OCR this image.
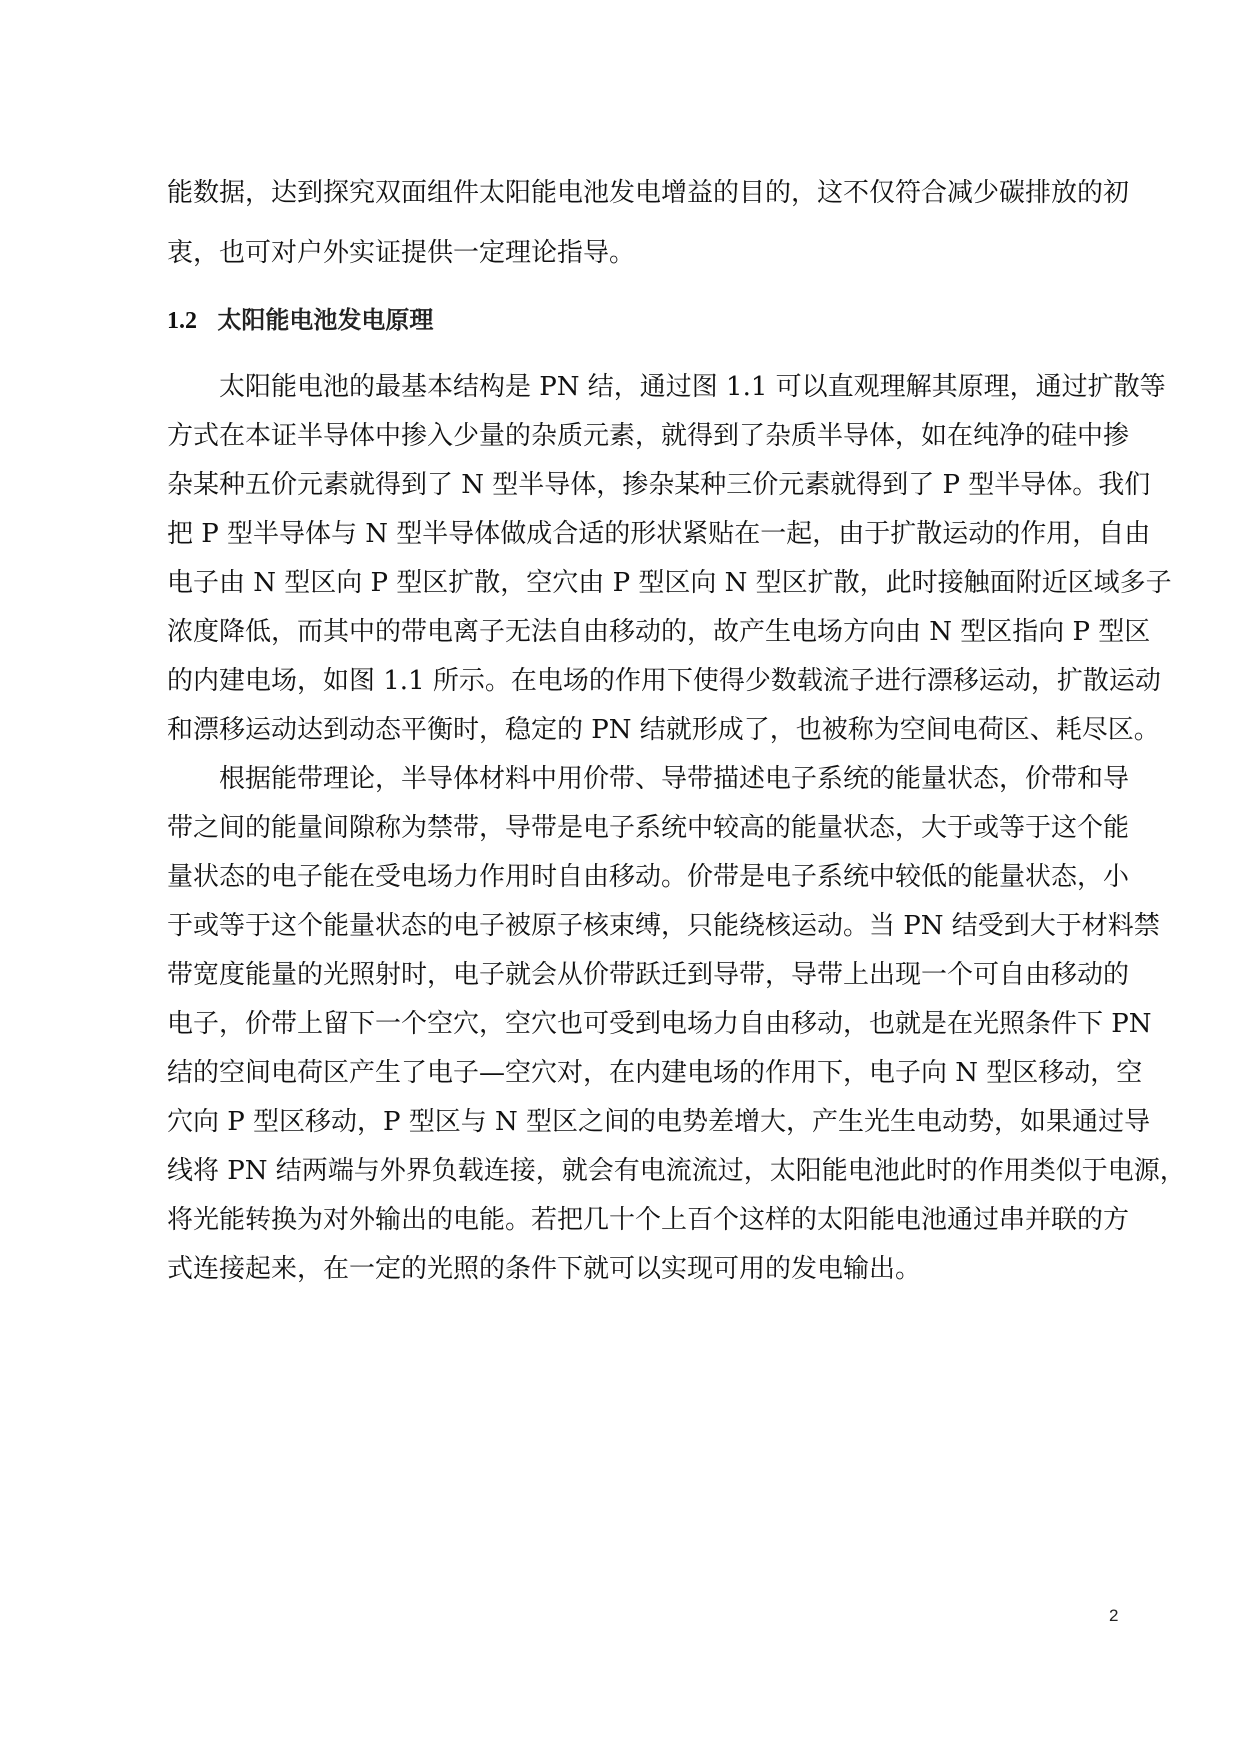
能数据，达到探究双面组件太阳能电池发电增益的目的，这不仅符合减少碳排放的初
衷，也可对户外实证提供一定理论指导。
1.2 太阳能电池发电原理
　　太阳能电池的最基本结构是 PN 结，通过图 1.1 可以直观理解其原理，通过扩散等
方式在本证半导体中掺入少量的杂质元素，就得到了杂质半导体，如在纯净的硅中掺
杂某种五价元素就得到了 N 型半导体，掺杂某种三价元素就得到了 P 型半导体。我们
把 P 型半导体与 N 型半导体做成合适的形状紧贴在一起，由于扩散运动的作用，自由
电子由 N 型区向 P 型区扩散，空穴由 P 型区向 N 型区扩散，此时接触面附近区域多子
浓度降低，而其中的带电离子无法自由移动的，故产生电场方向由 N 型区指向 P 型区
的内建电场，如图 1.1 所示。在电场的作用下使得少数载流子进行漂移运动，扩散运动
和漂移运动达到动态平衡时，稳定的 PN 结就形成了，也被称为空间电荷区、耗尽区。
　　根据能带理论，半导体材料中用价带、导带描述电子系统的能量状态，价带和导
带之间的能量间隙称为禁带，导带是电子系统中较高的能量状态，大于或等于这个能
量状态的电子能在受电场力作用时自由移动。价带是电子系统中较低的能量状态，小
于或等于这个能量状态的电子被原子核束缚，只能绕核运动。当 PN 结受到大于材料禁
带宽度能量的光照射时，电子就会从价带跃迁到导带，导带上出现一个可自由移动的
电子，价带上留下一个空穴，空穴也可受到电场力自由移动，也就是在光照条件下 PN
结的空间电荷区产生了电子—空穴对，在内建电场的作用下，电子向 N 型区移动，空
穴向 P 型区移动，P 型区与 N 型区之间的电势差增大，产生光生电动势，如果通过导
线将 PN 结两端与外界负载连接，就会有电流流过，太阳能电池此时的作用类似于电源，
将光能转换为对外输出的电能。若把几十个上百个这样的太阳能电池通过串并联的方
式连接起来，在一定的光照的条件下就可以实现可用的发电输出。
2
